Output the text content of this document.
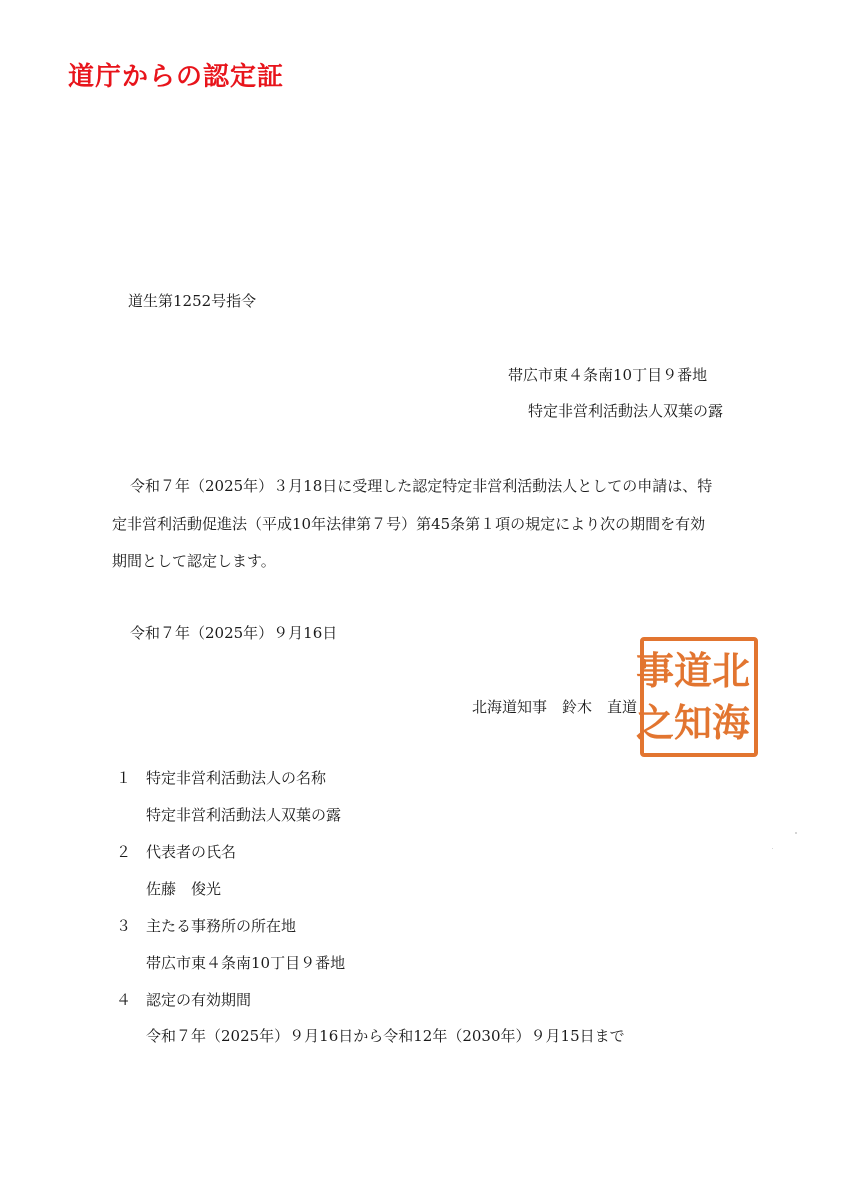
道庁からの認定証
道生第1252号指令
帯広市東４条南10丁目９番地
特定非営利活動法人双葉の露
令和７年（2025年）３月18日に受理した認定特定非営利活動法人としての申請は、特
定非営利活動促進法（平成10年法律第７号）第45条第１項の規定により次の期間を有効
期間として認定します。
令和７年（2025年）９月16日
北
海
道
知
事
之
北海道知事　鈴木　直道
１ 特定非営利活動法人の名称
特定非営利活動法人双葉の露
２ 代表者の氏名
佐藤　俊光
３ 主たる事務所の所在地
帯広市東４条南10丁目９番地
４ 認定の有効期間
令和７年（2025年）９月16日から令和12年（2030年）９月15日まで
